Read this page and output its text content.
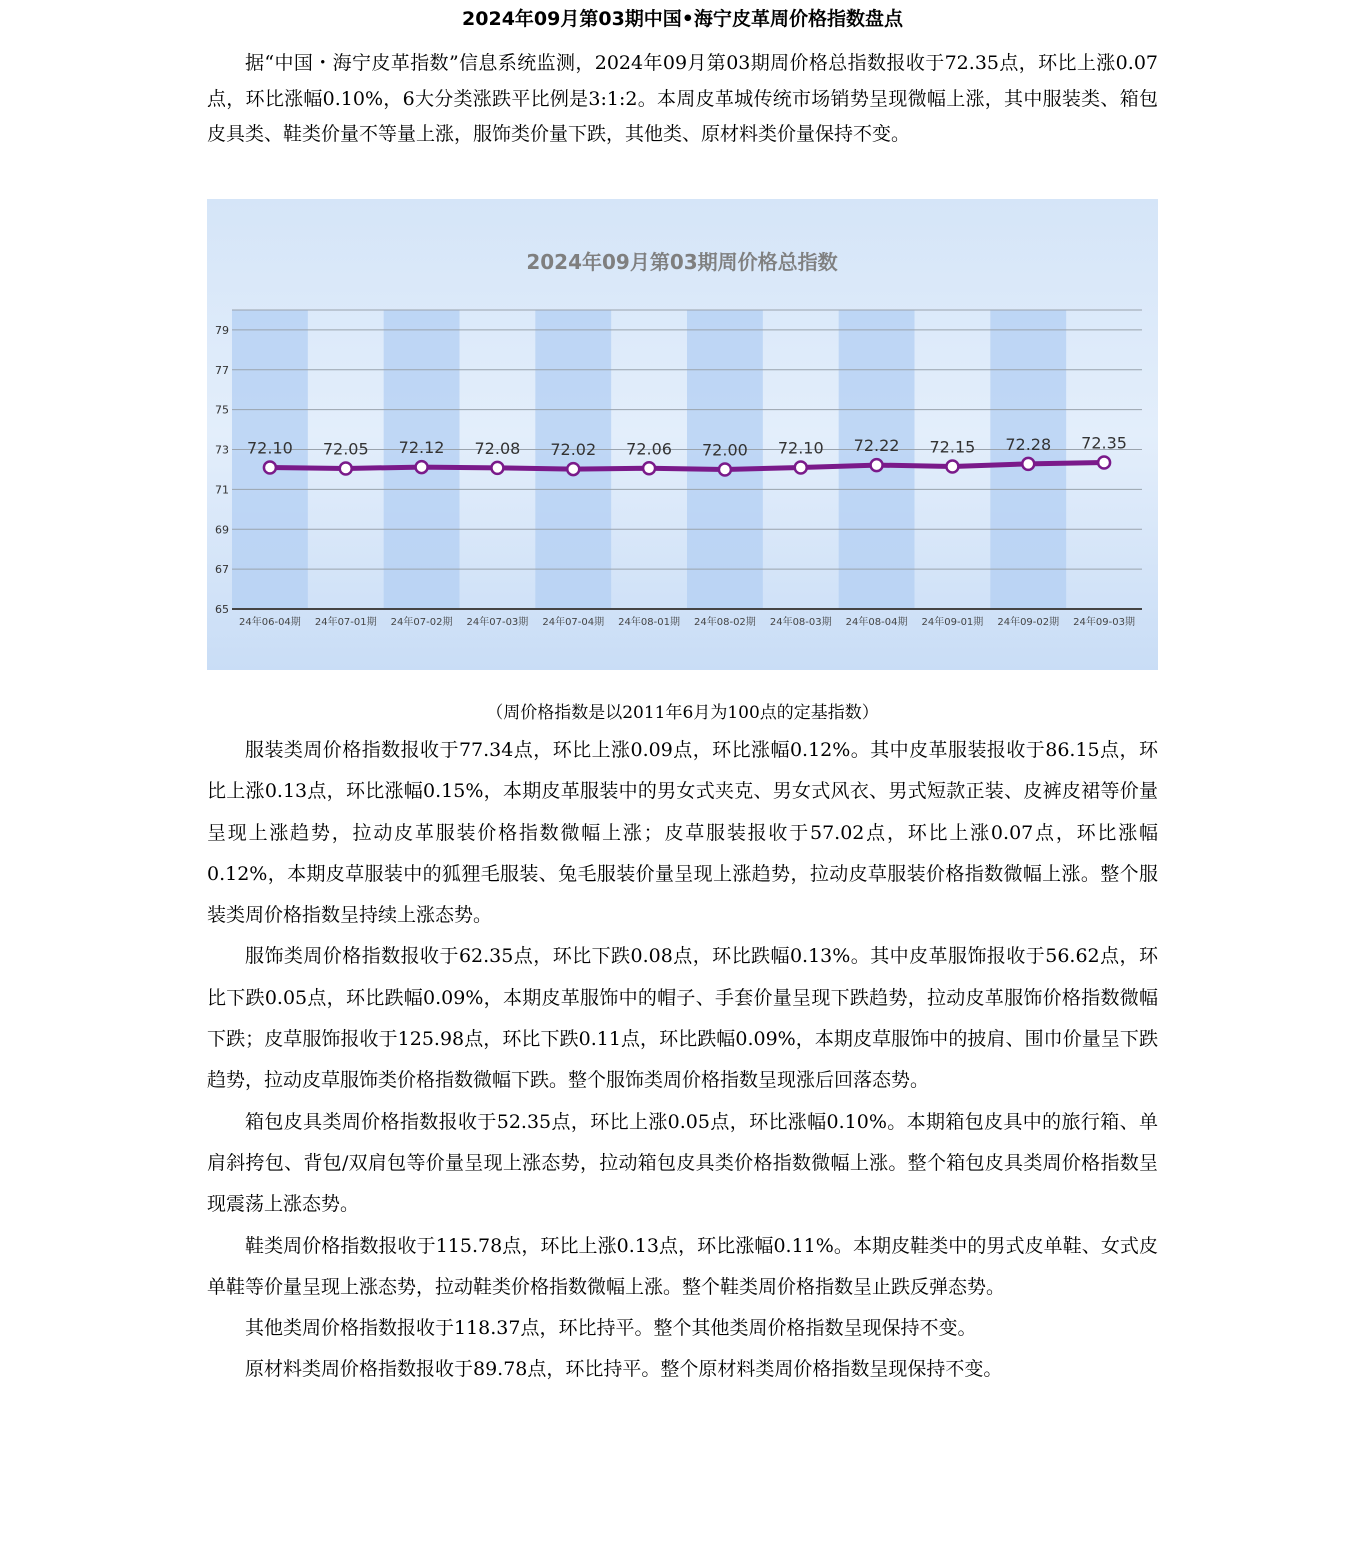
2024年09月第03期中国•海宁皮革周价格指数盘点

据“中国・海宁皮革指数”信息系统监测，2024年09月第03期周价格总指数报收于72.35点，环比上涨0.07点，环比涨幅0.10%，6大分类涨跌平比例是3:1:2。本周皮革城传统市场销势呈现微幅上涨，其中服装类、箱包皮具类、鞋类价量不等量上涨，服饰类价量下跌，其他类、原材料类价量保持不变。

2024年09月第03期周价格总指数
65
67
69
71
73
75
77
79
24年06-04期 24年07-01期 24年07-02期 24年07-03期 24年07-04期 24年08-01期 24年08-02期 24年08-03期 24年08-04期 24年09-01期 24年09-02期 24年09-03期
72.10 72.05 72.12 72.08 72.02 72.06 72.00 72.10 72.22 72.15 72.28 72.35
（周价格指数是以2011年6月为100点的定基指数）

服装类周价格指数报收于77.34点，环比上涨0.09点，环比涨幅0.12%。其中皮革服装报收于86.15点，环比上涨0.13点，环比涨幅0.15%，本期皮革服装中的男女式夹克、男女式风衣、男式短款正装、皮裤皮裙等价量呈现上涨趋势，拉动皮革服装价格指数微幅上涨；皮草服装报收于57.02点，环比上涨0.07点，环比涨幅0.12%，本期皮草服装中的狐狸毛服装、兔毛服装价量呈现上涨趋势，拉动皮草服装价格指数微幅上涨。整个服装类周价格指数呈持续上涨态势。

服饰类周价格指数报收于62.35点，环比下跌0.08点，环比跌幅0.13%。其中皮革服饰报收于56.62点，环比下跌0.05点，环比跌幅0.09%，本期皮革服饰中的帽子、手套价量呈现下跌趋势，拉动皮革服饰价格指数微幅下跌；皮草服饰报收于125.98点，环比下跌0.11点，环比跌幅0.09%，本期皮草服饰中的披肩、围巾价量呈下跌趋势，拉动皮草服饰类价格指数微幅下跌。整个服饰类周价格指数呈现涨后回落态势。

箱包皮具类周价格指数报收于52.35点，环比上涨0.05点，环比涨幅0.10%。本期箱包皮具中的旅行箱、单肩斜挎包、背包/双肩包等价量呈现上涨态势，拉动箱包皮具类价格指数微幅上涨。整个箱包皮具类周价格指数呈现震荡上涨态势。

鞋类周价格指数报收于115.78点，环比上涨0.13点，环比涨幅0.11%。本期皮鞋类中的男式皮单鞋、女式皮单鞋等价量呈现上涨态势，拉动鞋类价格指数微幅上涨。整个鞋类周价格指数呈止跌反弹态势。

其他类周价格指数报收于118.37点，环比持平。整个其他类周价格指数呈现保持不变。

原材料类周价格指数报收于89.78点，环比持平。整个原材料类周价格指数呈现保持不变。
